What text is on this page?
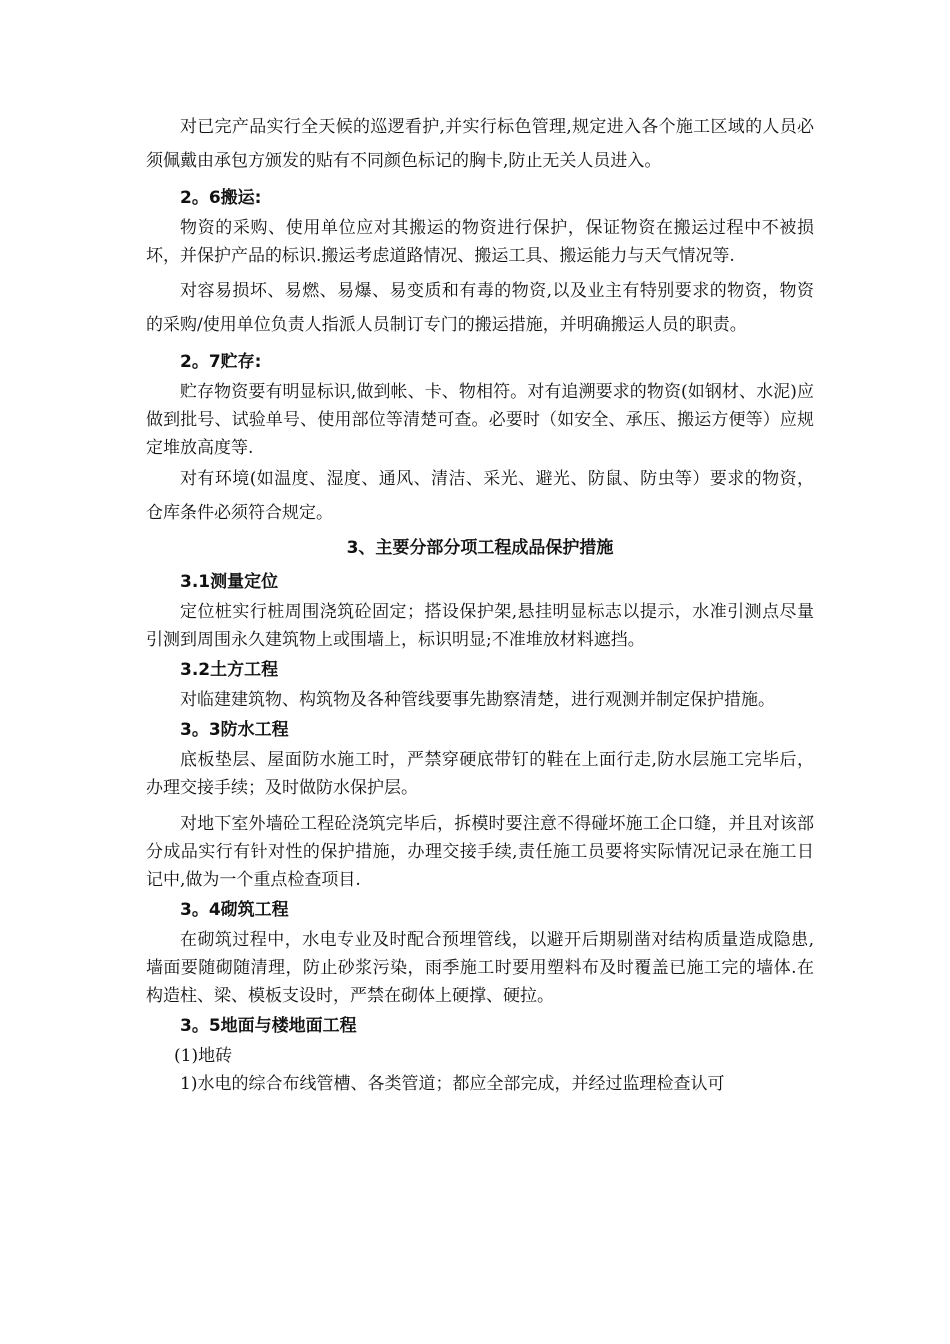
对已完产品实行全天候的巡逻看护,并实行标色管理,规定进入各个施工区域的人员必须佩戴由承包方颁发的贴有不同颜色标记的胸卡,防止无关人员进入。

2。6搬运:

物资的采购、使用单位应对其搬运的物资进行保护，保证物资在搬运过程中不被损坏，并保护产品的标识.搬运考虑道路情况、搬运工具、搬运能力与天气情况等.

对容易损坏、易燃、易爆、易变质和有毒的物资,以及业主有特别要求的物资，物资的采购/使用单位负责人指派人员制订专门的搬运措施，并明确搬运人员的职责。

2。7贮存:

贮存物资要有明显标识,做到帐、卡、物相符。对有追溯要求的物资(如钢材、水泥)应做到批号、试验单号、使用部位等清楚可查。必要时（如安全、承压、搬运方便等）应规定堆放高度等.

对有环境(如温度、湿度、通风、清洁、采光、避光、防鼠、防虫等）要求的物资，仓库条件必须符合规定。

3、主要分部分项工程成品保护措施

3.1测量定位

定位桩实行桩周围浇筑砼固定；搭设保护架,悬挂明显标志以提示，水准引测点尽量引测到周围永久建筑物上或围墙上，标识明显;不准堆放材料遮挡。

3.2土方工程

对临建建筑物、构筑物及各种管线要事先勘察清楚，进行观测并制定保护措施。

3。3防水工程

底板垫层、屋面防水施工时，严禁穿硬底带钉的鞋在上面行走,防水层施工完毕后，办理交接手续；及时做防水保护层。

对地下室外墙砼工程砼浇筑完毕后，拆模时要注意不得碰坏施工企口缝，并且对该部分成品实行有针对性的保护措施，办理交接手续,责任施工员要将实际情况记录在施工日记中,做为一个重点检查项目.

3。4砌筑工程

在砌筑过程中，水电专业及时配合预埋管线，以避开后期剔凿对结构质量造成隐患,墙面要随砌随清理，防止砂浆污染，雨季施工时要用塑料布及时覆盖已施工完的墙体.在构造柱、梁、模板支设时，严禁在砌体上硬撑、硬拉。

3。5地面与楼地面工程

(1)地砖

1)水电的综合布线管槽、各类管道；都应全部完成，并经过监理检查认可
